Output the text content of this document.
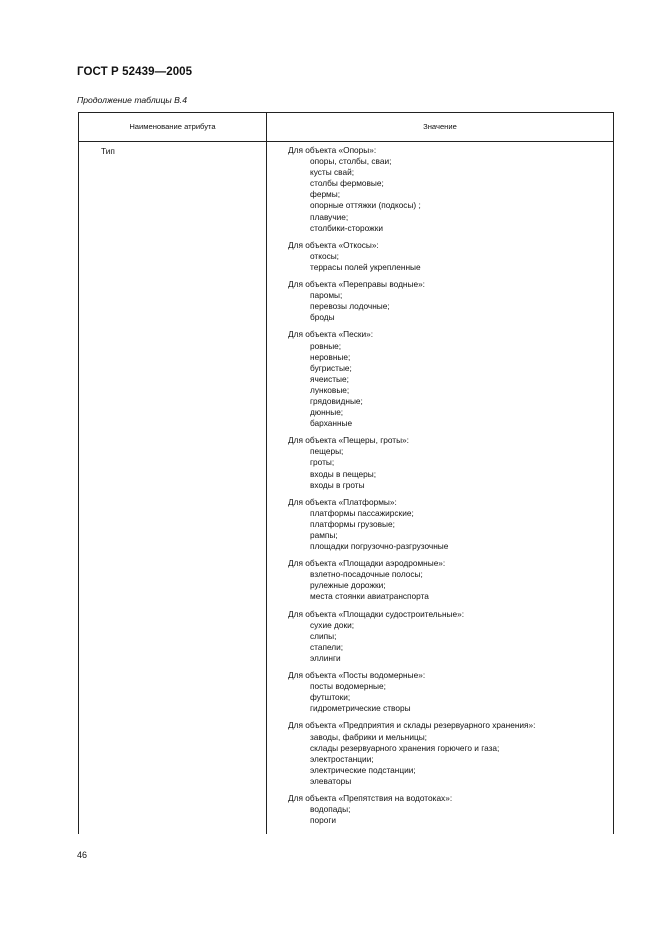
ГОСТ Р 52439—2005
Продолжение таблицы В.4
Наименование атрибута	Значение
Тип	Для объекта «Опоры»:
опоры, столбы, сваи;
кусты свай;
столбы фермовые;
фермы;
опорные оттяжки (подкосы) ;
плавучие;
столбики-сторожки
Для объекта «Откосы»:
откосы;
террасы полей укрепленные
Для объекта «Переправы водные»:
паромы;
перевозы лодочные;
броды
Для объекта «Пески»:
ровные;
неровные;
бугристые;
ячеистые;
лунковые;
грядовидные;
дюнные;
барханные
Для объекта «Пещеры, гроты»:
пещеры;
гроты;
входы в пещеры;
входы в гроты
Для объекта «Платформы»:
платформы пассажирские;
платформы грузовые;
рампы;
площадки погрузочно-разгрузочные
Для объекта «Площадки аэродромные»:
взлетно-посадочные полосы;
рулежные дорожки;
места стоянки авиатранспорта
Для объекта «Площадки судостроительные»:
сухие доки;
слипы;
стапели;
эллинги
Для объекта «Посты водомерные»:
посты водомерные;
футштоки;
гидрометрические створы
Для объекта «Предприятия и склады резервуарного хранения»:
заводы, фабрики и мельницы;
склады резервуарного хранения горючего и газа;
электростанции;
электрические подстанции;
элеваторы
Для объекта «Препятствия на водотоках»:
водопады;
пороги
46
